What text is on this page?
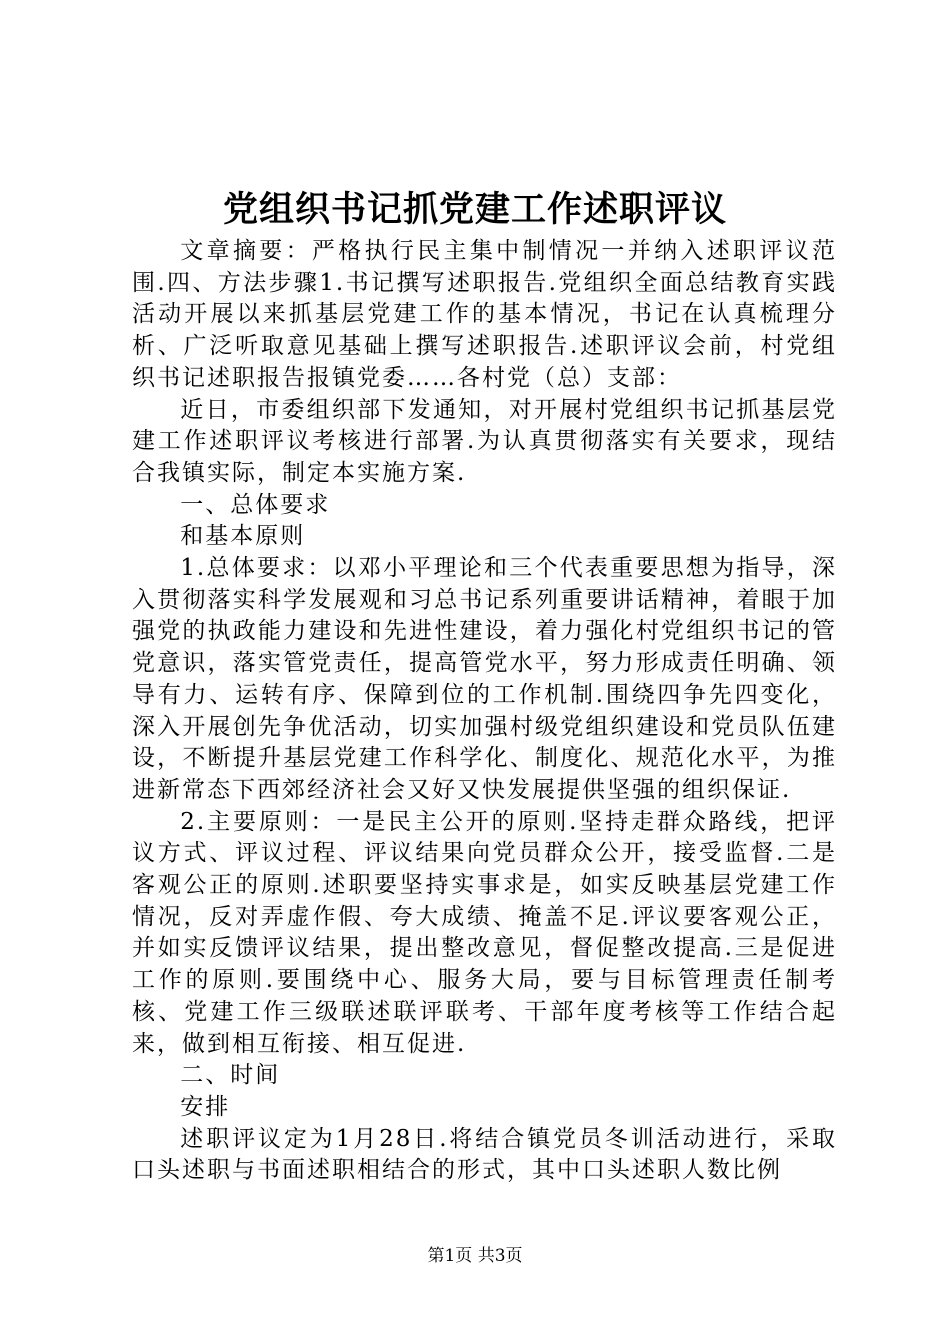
党组织书记抓党建工作述职评议

文章摘要：严格执行民主集中制情况一并纳入述职评议范围.四、方法步骤1.书记撰写述职报告.党组织全面总结教育实践活动开展以来抓基层党建工作的基本情况，书记在认真梳理分析、广泛听取意见基础上撰写述职报告.述职评议会前，村党组织书记述职报告报镇党委……各村党（总）支部：

近日，市委组织部下发通知，对开展村党组织书记抓基层党建工作述职评议考核进行部署.为认真贯彻落实有关要求，现结合我镇实际，制定本实施方案.

一、总体要求

和基本原则

1.总体要求：以邓小平理论和三个代表重要思想为指导，深入贯彻落实科学发展观和习总书记系列重要讲话精神，着眼于加强党的执政能力建设和先进性建设，着力强化村党组织书记的管党意识，落实管党责任，提高管党水平，努力形成责任明确、领导有力、运转有序、保障到位的工作机制.围绕四争先四变化，深入开展创先争优活动，切实加强村级党组织建设和党员队伍建设，不断提升基层党建工作科学化、制度化、规范化水平，为推进新常态下西郊经济社会又好又快发展提供坚强的组织保证.

2.主要原则：一是民主公开的原则.坚持走群众路线，把评议方式、评议过程、评议结果向党员群众公开，接受监督.二是客观公正的原则.述职要坚持实事求是，如实反映基层党建工作情况，反对弄虚作假、夸大成绩、掩盖不足.评议要客观公正，并如实反馈评议结果，提出整改意见，督促整改提高.三是促进工作的原则.要围绕中心、服务大局，要与目标管理责任制考核、党建工作三级联述联评联考、干部年度考核等工作结合起来，做到相互衔接、相互促进.

二、时间

安排

述职评议定为1月28日.将结合镇党员冬训活动进行，采取口头述职与书面述职相结合的形式，其中口头述职人数比例

第1页 共3页
